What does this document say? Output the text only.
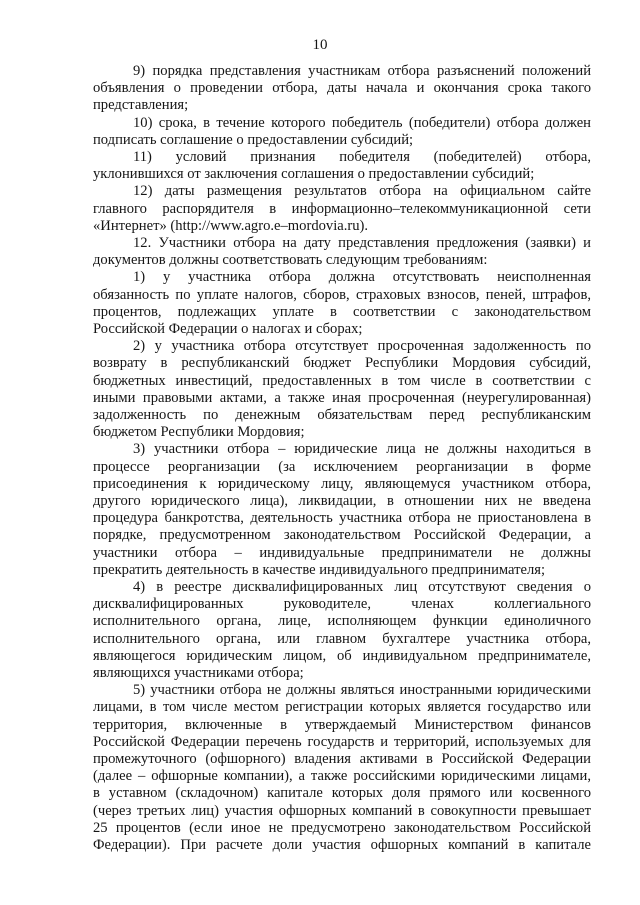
10
9) порядка представления участникам отбора разъяснений положений
объявления о проведении отбора, даты начала и окончания срока такого
представления;
10) срока, в течение которого победитель (победители) отбора должен
подписать соглашение о предоставлении субсидий;
11) условий признания победителя (победителей) отбора,
уклонившихся от заключения соглашения о предоставлении субсидий;
12) даты размещения результатов отбора на официальном сайте
главного распорядителя в информационно–телекоммуникационной сети
«Интернет» (http://www.agro.e–mordovia.ru).
12. Участники отбора на дату представления предложения (заявки) и
документов должны соответствовать следующим требованиям:
1) у участника отбора должна отсутствовать неисполненная
обязанность по уплате налогов, сборов, страховых взносов, пеней, штрафов,
процентов, подлежащих уплате в соответствии с законодательством
Российской Федерации о налогах и сборах;
2) у участника отбора отсутствует просроченная задолженность по
возврату в республиканский бюджет Республики Мордовия субсидий,
бюджетных инвестиций, предоставленных в том числе в соответствии с
иными правовыми актами, а также иная просроченная (неурегулированная)
задолженность по денежным обязательствам перед республиканским
бюджетом Республики Мордовия;
3) участники отбора – юридические лица не должны находиться в
процессе реорганизации (за исключением реорганизации в форме
присоединения к юридическому лицу, являющемуся участником отбора,
другого юридического лица), ликвидации, в отношении них не введена
процедура банкротства, деятельность участника отбора не приостановлена в
порядке, предусмотренном законодательством Российской Федерации, а
участники отбора – индивидуальные предприниматели не должны
прекратить деятельность в качестве индивидуального предпринимателя;
4) в реестре дисквалифицированных лиц отсутствуют сведения о
дисквалифицированных руководителе, членах коллегиального
исполнительного органа, лице, исполняющем функции единоличного
исполнительного органа, или главном бухгалтере участника отбора,
являющегося юридическим лицом, об индивидуальном предпринимателе,
являющихся участниками отбора;
5) участники отбора не должны являться иностранными юридическими
лицами, в том числе местом регистрации которых является государство или
территория, включенные в утверждаемый Министерством финансов
Российской Федерации перечень государств и территорий, используемых для
промежуточного (офшорного) владения активами в Российской Федерации
(далее – офшорные компании), а также российскими юридическими лицами,
в уставном (складочном) капитале которых доля прямого или косвенного
(через третьих лиц) участия офшорных компаний в совокупности превышает
25 процентов (если иное не предусмотрено законодательством Российской
Федерации). При расчете доли участия офшорных компаний в капитале
